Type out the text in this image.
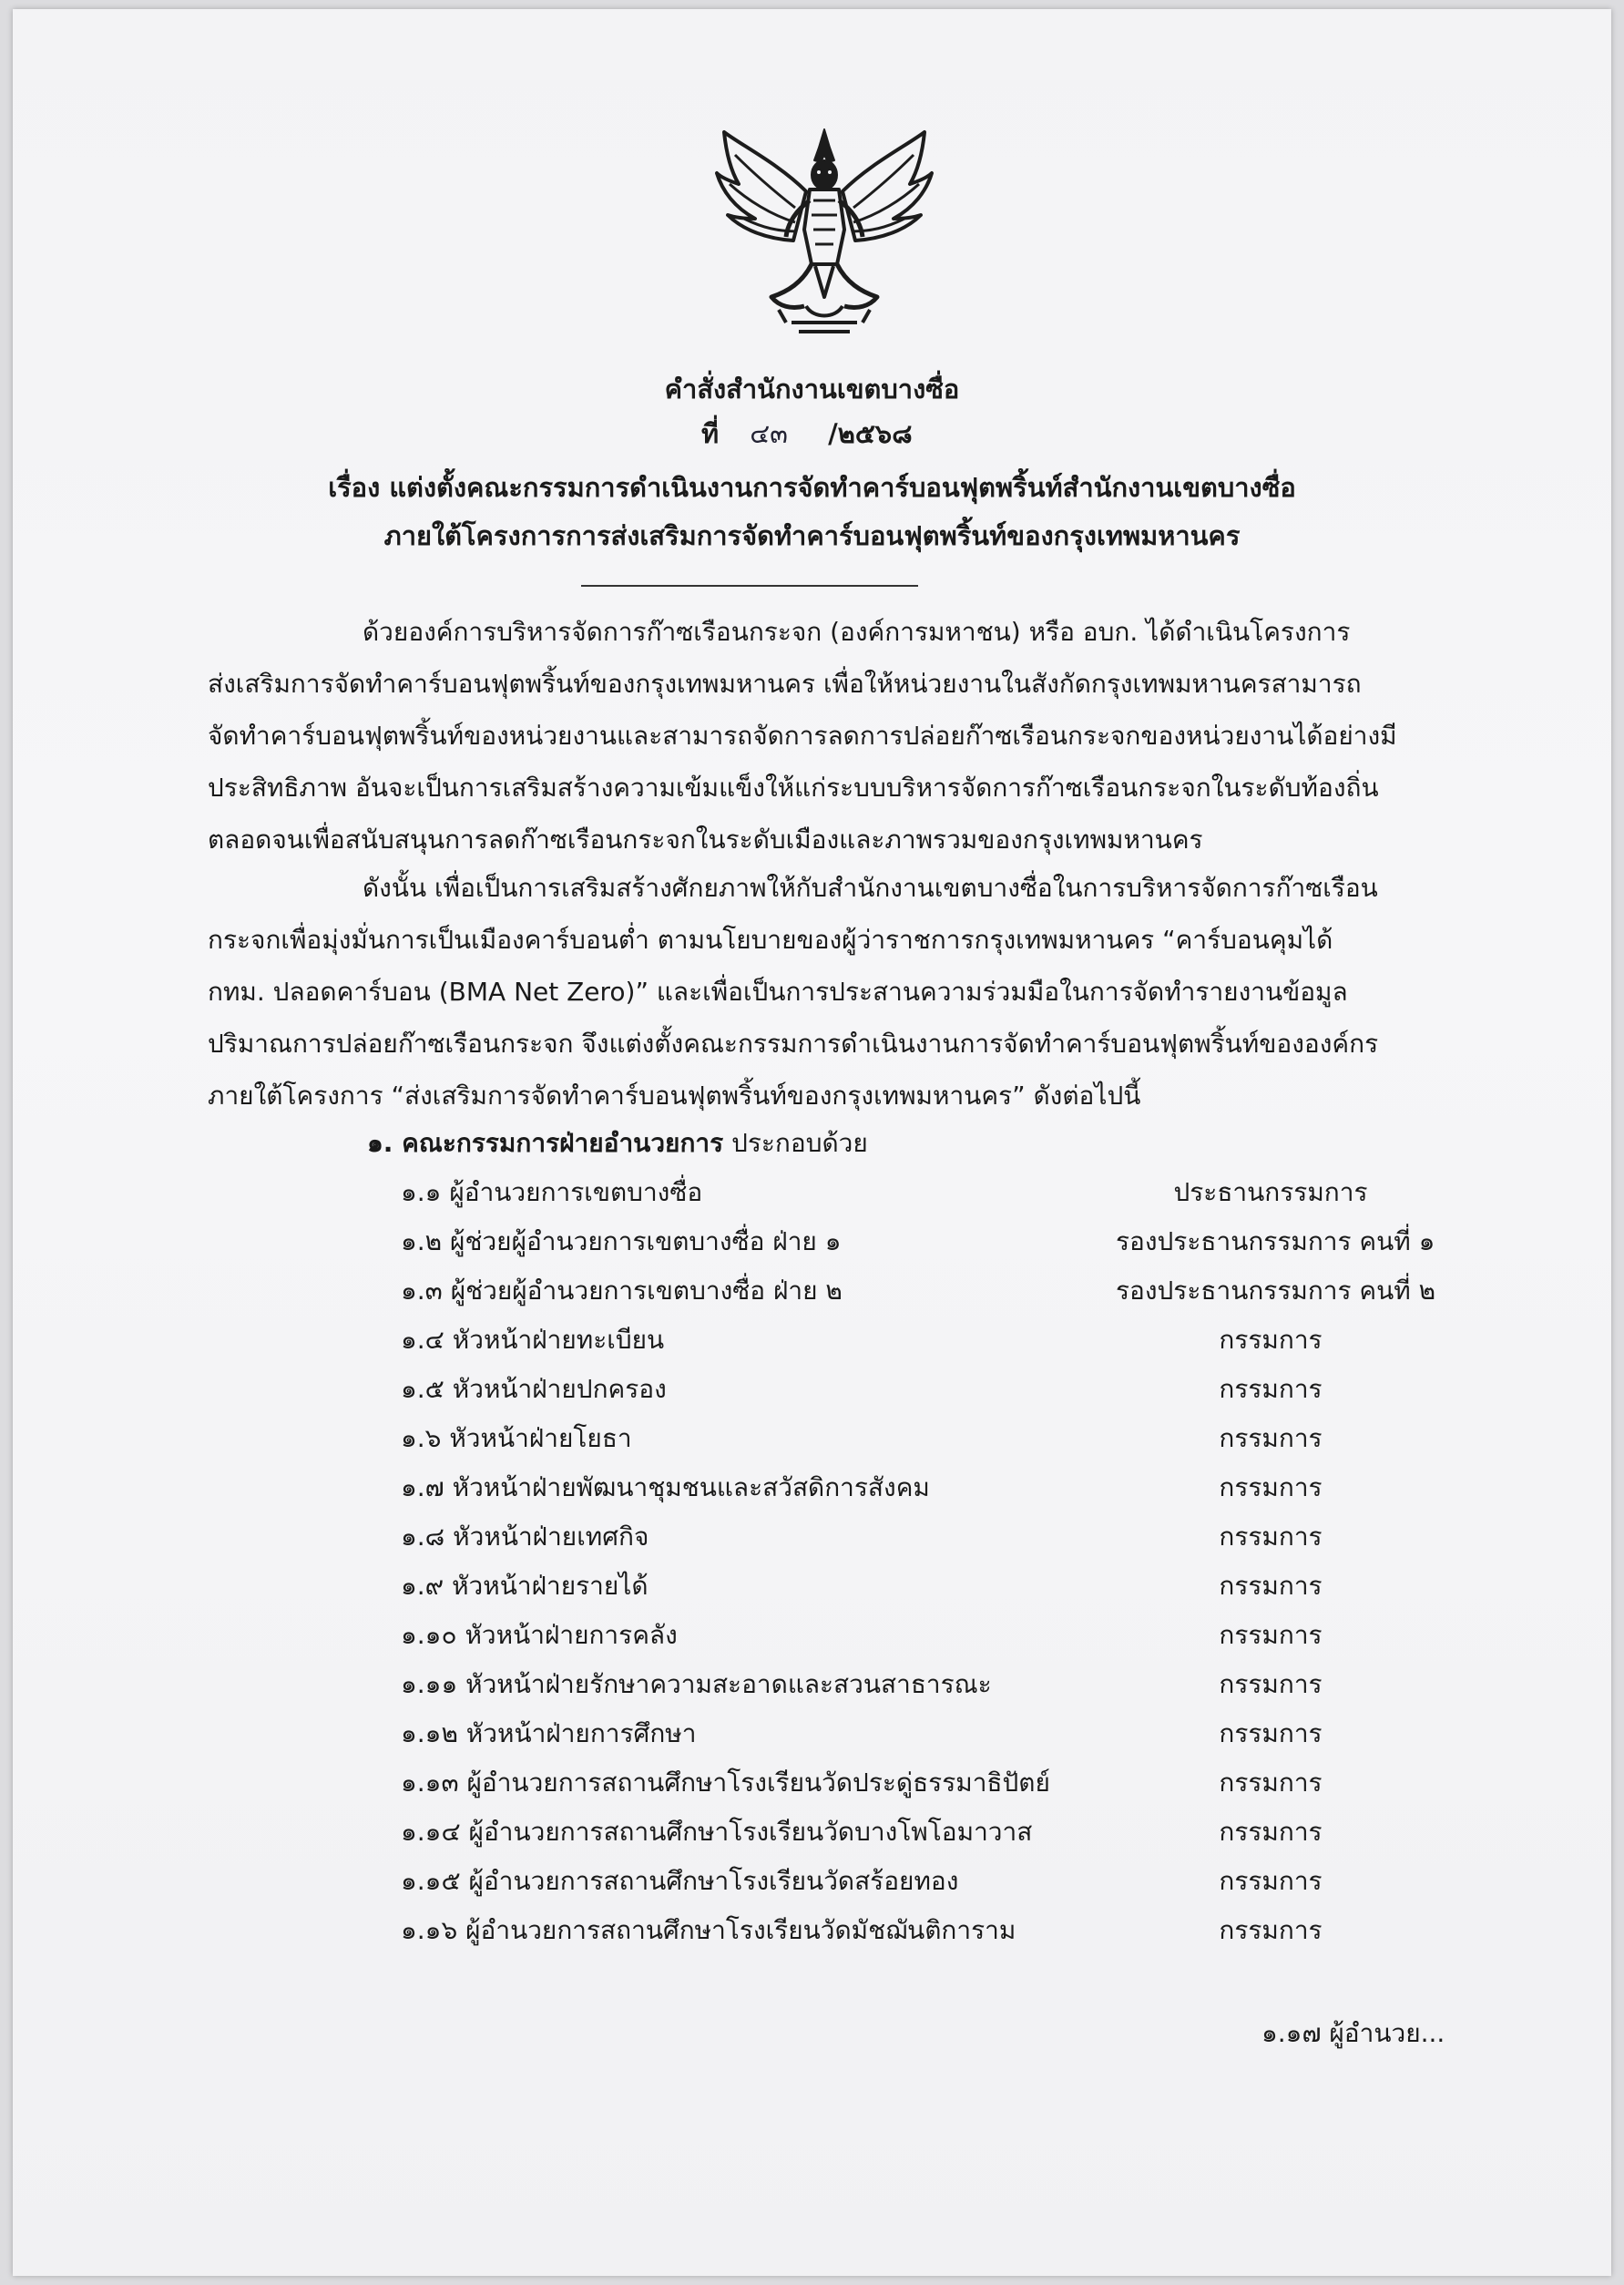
คำสั่งสำนักงานเขตบางซื่อ
ที่ ๔๓ /๒๕๖๘
เรื่อง แต่งตั้งคณะกรรมการดำเนินงานการจัดทำคาร์บอนฟุตพริ้นท์สำนักงานเขตบางซื่อ
ภายใต้โครงการการส่งเสริมการจัดทำคาร์บอนฟุตพริ้นท์ของกรุงเทพมหานคร
ด้วยองค์การบริหารจัดการก๊าซเรือนกระจก (องค์การมหาชน) หรือ อบก. ได้ดำเนินโครงการ
ส่งเสริมการจัดทำคาร์บอนฟุตพริ้นท์ของกรุงเทพมหานคร เพื่อให้หน่วยงานในสังกัดกรุงเทพมหานครสามารถ
จัดทำคาร์บอนฟุตพริ้นท์ของหน่วยงานและสามารถจัดการลดการปล่อยก๊าซเรือนกระจกของหน่วยงานได้อย่างมี
ประสิทธิภาพ อันจะเป็นการเสริมสร้างความเข้มแข็งให้แก่ระบบบริหารจัดการก๊าซเรือนกระจกในระดับท้องถิ่น
ตลอดจนเพื่อสนับสนุนการลดก๊าซเรือนกระจกในระดับเมืองและภาพรวมของกรุงเทพมหานคร
ดังนั้น เพื่อเป็นการเสริมสร้างศักยภาพให้กับสำนักงานเขตบางซื่อในการบริหารจัดการก๊าซเรือน
กระจกเพื่อมุ่งมั่นการเป็นเมืองคาร์บอนต่ำ ตามนโยบายของผู้ว่าราชการกรุงเทพมหานคร “คาร์บอนคุมได้
กทม. ปลอดคาร์บอน (BMA Net Zero)” และเพื่อเป็นการประสานความร่วมมือในการจัดทำรายงานข้อมูล
ปริมาณการปล่อยก๊าซเรือนกระจก จึงแต่งตั้งคณะกรรมการดำเนินงานการจัดทำคาร์บอนฟุตพริ้นท์ขององค์กร
ภายใต้โครงการ “ส่งเสริมการจัดทำคาร์บอนฟุตพริ้นท์ของกรุงเทพมหานคร” ดังต่อไปนี้
๑. คณะกรรมการฝ่ายอำนวยการ ประกอบด้วย
๑.๑ ผู้อำนวยการเขตบางซื่อ	ประธานกรรมการ
๑.๒ ผู้ช่วยผู้อำนวยการเขตบางซื่อ ฝ่าย ๑	รองประธานกรรมการ คนที่ ๑
๑.๓ ผู้ช่วยผู้อำนวยการเขตบางซื่อ ฝ่าย ๒	รองประธานกรรมการ คนที่ ๒
๑.๔ หัวหน้าฝ่ายทะเบียน	กรรมการ
๑.๕ หัวหน้าฝ่ายปกครอง	กรรมการ
๑.๖ หัวหน้าฝ่ายโยธา	กรรมการ
๑.๗ หัวหน้าฝ่ายพัฒนาชุมชนและสวัสดิการสังคม	กรรมการ
๑.๘ หัวหน้าฝ่ายเทศกิจ	กรรมการ
๑.๙ หัวหน้าฝ่ายรายได้	กรรมการ
๑.๑๐ หัวหน้าฝ่ายการคลัง	กรรมการ
๑.๑๑ หัวหน้าฝ่ายรักษาความสะอาดและสวนสาธารณะ	กรรมการ
๑.๑๒ หัวหน้าฝ่ายการศึกษา	กรรมการ
๑.๑๓ ผู้อำนวยการสถานศึกษาโรงเรียนวัดประดู่ธรรมาธิปัตย์	กรรมการ
๑.๑๔ ผู้อำนวยการสถานศึกษาโรงเรียนวัดบางโพโอมาวาส	กรรมการ
๑.๑๕ ผู้อำนวยการสถานศึกษาโรงเรียนวัดสร้อยทอง	กรรมการ
๑.๑๖ ผู้อำนวยการสถานศึกษาโรงเรียนวัดมัชฌันติการาม	กรรมการ
๑.๑๗ ผู้อำนวย...
